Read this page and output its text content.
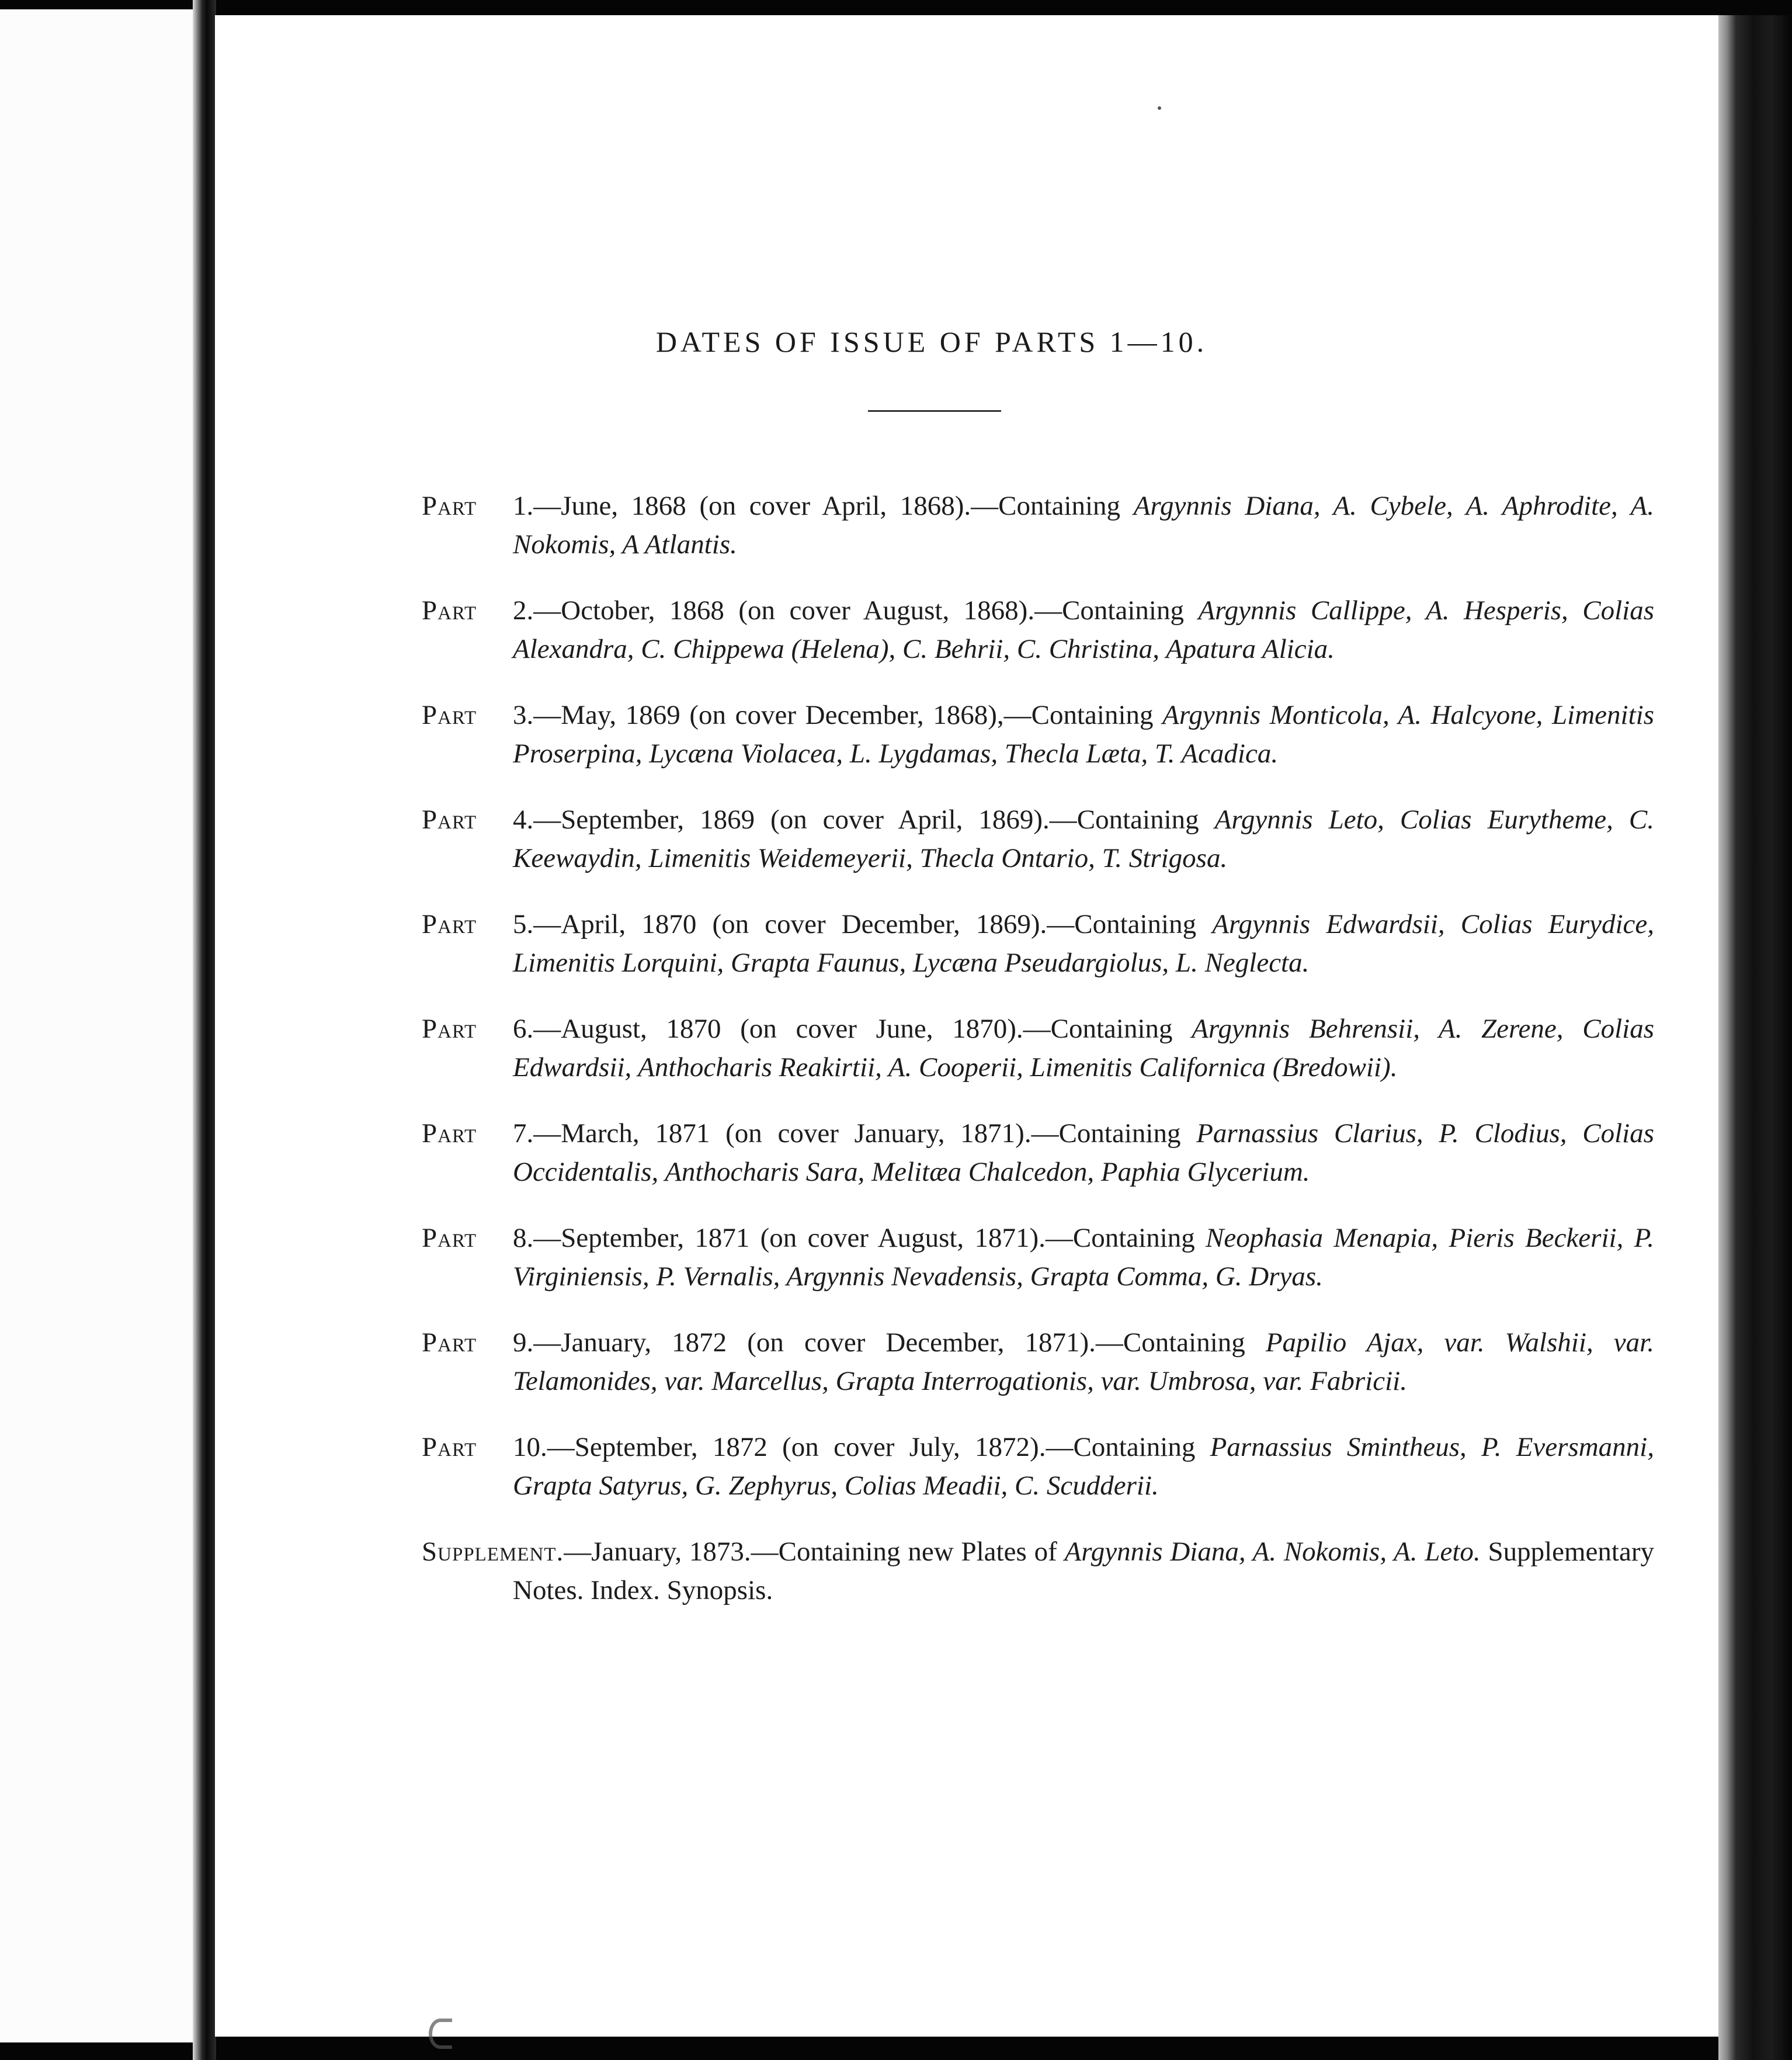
DATES OF ISSUE OF PARTS 1—10.

Part 1.—June, 1868 (on cover April, 1868).—Containing Argynnis Diana, A. Cybele, A. Aphrodite, A. Nokomis, A Atlantis.

Part 2.—October, 1868 (on cover August, 1868).—Containing Argynnis Callippe, A. Hesperis, Colias Alexandra, C. Chippewa (Helena), C. Behrii, C. Christina, Apatura Alicia.

Part 3.—May, 1869 (on cover December, 1868),—Containing Argynnis Monticola, A. Halcyone, Limenitis Proserpina, Lycæna Violacea, L. Lygdamas, Thecla Læta, T. Acadica.

Part 4.—September, 1869 (on cover April, 1869).—Containing Argynnis Leto, Colias Eurytheme, C. Keewaydin, Limenitis Weidemeyerii, Thecla Ontario, T. Strigosa.

Part 5.—April, 1870 (on cover December, 1869).—Containing Argynnis Edwardsii, Colias Eurydice, Limenitis Lorquini, Grapta Faunus, Lycæna Pseudargiolus, L. Neglecta.

Part 6.—August, 1870 (on cover June, 1870).—Containing Argynnis Behrensii, A. Zerene, Colias Edwardsii, Anthocharis Reakirtii, A. Cooperii, Limenitis Californica (Bredowii).

Part 7.—March, 1871 (on cover January, 1871).—Containing Parnassius Clarius, P. Clodius, Colias Occidentalis, Anthocharis Sara, Melitæa Chalcedon, Paphia Glycerium.

Part 8.—September, 1871 (on cover August, 1871).—Containing Neophasia Menapia, Pieris Beckerii, P. Virginiensis, P. Vernalis, Argynnis Nevadensis, Grapta Comma, G. Dryas.

Part 9.—January, 1872 (on cover December, 1871).—Containing Papilio Ajax, var. Walshii, var. Telamonides, var. Marcellus, Grapta Interrogationis, var. Umbrosa, var. Fabricii.

Part 10.—September, 1872 (on cover July, 1872).—Containing Parnassius Smintheus, P. Eversmanni, Grapta Satyrus, G. Zephyrus, Colias Meadii, C. Scudderii.

Supplement.—January, 1873.—Containing new Plates of Argynnis Diana, A. Nokomis, A. Leto. Supplementary Notes. Index. Synopsis.
